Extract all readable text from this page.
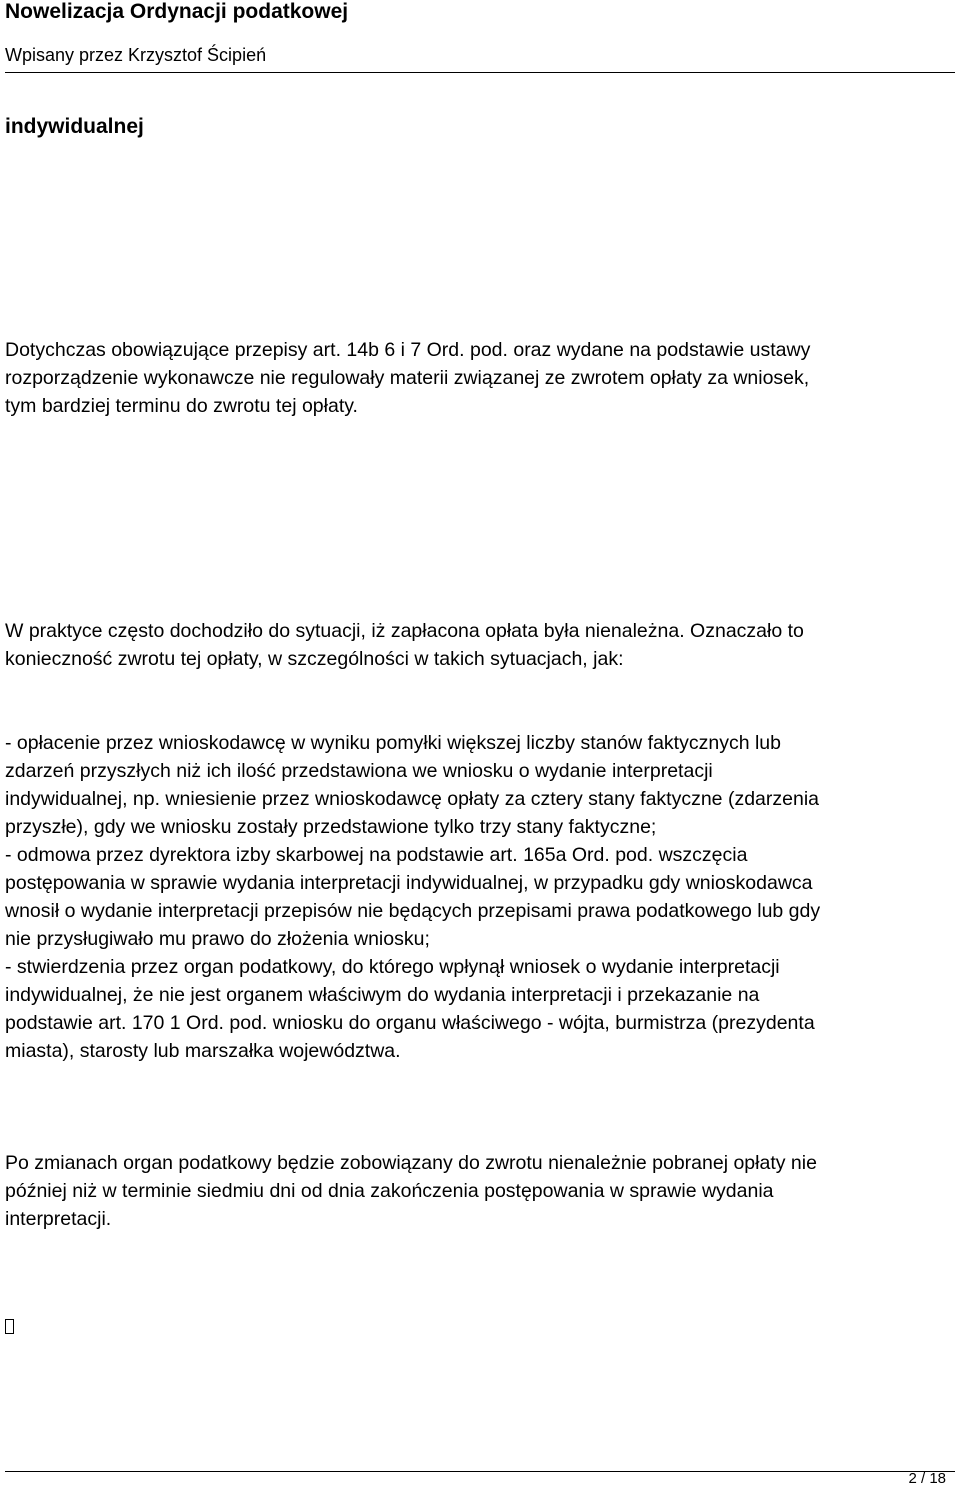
Nowelizacja Ordynacji podatkowej
Wpisany przez Krzysztof Ścipień
indywidualnej
Dotychczas obowiązujące przepisy art. 14b 6 i 7 Ord. pod. oraz wydane na podstawie ustawy
rozporządzenie wykonawcze nie regulowały materii związanej ze zwrotem opłaty za wniosek,
tym bardziej terminu do zwrotu tej opłaty.
W praktyce często dochodziło do sytuacji, iż zapłacona opłata była nienależna. Oznaczało to
konieczność zwrotu tej opłaty, w szczególności w takich sytuacjach, jak:
- opłacenie przez wnioskodawcę w wyniku pomyłki większej liczby stanów faktycznych lub
zdarzeń przyszłych niż ich ilość przedstawiona we wniosku o wydanie interpretacji
indywidualnej, np. wniesienie przez wnioskodawcę opłaty za cztery stany faktyczne (zdarzenia
przyszłe), gdy we wniosku zostały przedstawione tylko trzy stany faktyczne;
- odmowa przez dyrektora izby skarbowej na podstawie art. 165a Ord. pod. wszczęcia
postępowania w sprawie wydania interpretacji indywidualnej, w przypadku gdy wnioskodawca
wnosił o wydanie interpretacji przepisów nie będących przepisami prawa podatkowego lub gdy
nie przysługiwało mu prawo do złożenia wniosku;
- stwierdzenia przez organ podatkowy, do którego wpłynął wniosek o wydanie interpretacji
indywidualnej, że nie jest organem właściwym do wydania interpretacji i przekazanie na
podstawie art. 170 1 Ord. pod. wniosku do organu właściwego - wójta, burmistrza (prezydenta
miasta), starosty lub marszałka województwa.
Po zmianach organ podatkowy będzie zobowiązany do zwrotu nienależnie pobranej opłaty nie
później niż w terminie siedmiu dni od dnia zakończenia postępowania w sprawie wydania
interpretacji.
2 / 18
